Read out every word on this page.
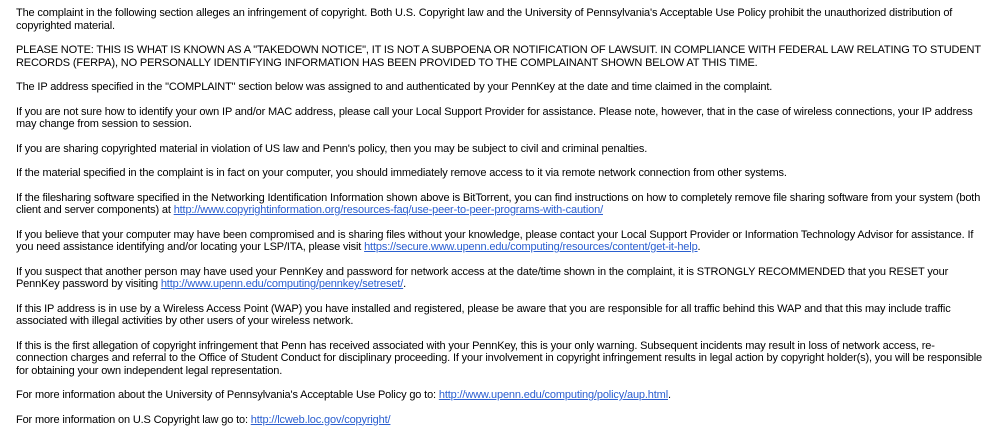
The complaint in the following section alleges an infringement of copyright. Both U.S. Copyright law and the University of Pennsylvania's Acceptable Use Policy prohibit the unauthorized distribution of copyrighted material.

PLEASE NOTE: THIS IS WHAT IS KNOWN AS A "TAKEDOWN NOTICE", IT IS NOT A SUBPOENA OR NOTIFICATION OF LAWSUIT. IN COMPLIANCE WITH FEDERAL LAW RELATING TO STUDENT RECORDS (FERPA), NO PERSONALLY IDENTIFYING INFORMATION HAS BEEN PROVIDED TO THE COMPLAINANT SHOWN BELOW AT THIS TIME.

The IP address specified in the "COMPLAINT" section below was assigned to and authenticated by your PennKey at the date and time claimed in the complaint.

If you are not sure how to identify your own IP and/or MAC address, please call your Local Support Provider for assistance. Please note, however, that in the case of wireless connections, your IP address may change from session to session.

If you are sharing copyrighted material in violation of US law and Penn's policy, then you may be subject to civil and criminal penalties.

If the material specified in the complaint is in fact on your computer, you should immediately remove access to it via remote network connection from other systems.

If the filesharing software specified in the Networking Identification Information shown above is BitTorrent, you can find instructions on how to completely remove file sharing software from your system (both client and server components) at http://www.copyrightinformation.org/resources-faq/use-peer-to-peer-programs-with-caution/

If you believe that your computer may have been compromised and is sharing files without your knowledge, please contact your Local Support Provider or Information Technology Advisor for assistance. If you need assistance identifying and/or locating your LSP/ITA, please visit https://secure.www.upenn.edu/computing/resources/content/get-it-help.

If you suspect that another person may have used your PennKey and password for network access at the date/time shown in the complaint, it is STRONGLY RECOMMENDED that you RESET your PennKey password by visiting http://www.upenn.edu/computing/pennkey/setreset/.

If this IP address is in use by a Wireless Access Point (WAP) you have installed and registered, please be aware that you are responsible for all traffic behind this WAP and that this may include traffic associated with illegal activities by other users of your wireless network.

If this is the first allegation of copyright infringement that Penn has received associated with your PennKey, this is your only warning. Subsequent incidents may result in loss of network access, re-connection charges and referral to the Office of Student Conduct for disciplinary proceeding. If your involvement in copyright infringement results in legal action by copyright holder(s), you will be responsible for obtaining your own independent legal representation.

For more information about the University of Pennsylvania's Acceptable Use Policy go to: http://www.upenn.edu/computing/policy/aup.html.

For more information on U.S Copyright law go to: http://lcweb.loc.gov/copyright/
